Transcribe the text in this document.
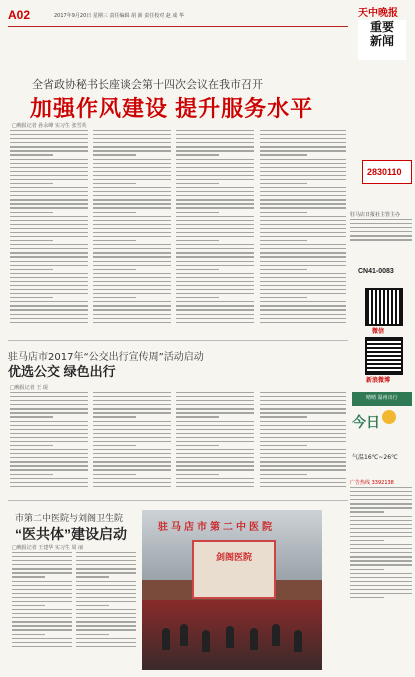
A02	2017年9月20日 星期三 责任编辑 胡 新 责任校对 赵 成 华	天中晚报
重要
新闻
全省政协秘书长座谈会第十四次会议在我市召开
加强作风建设 提升服务水平
□晚报记者 孙永峰 实习生 张雪英
驻马店市2017年“公交出行宣传周”活动启动
优选公交 绿色出行
□晚报记者 王 琨
市第二中医院与刘阁卫生院
“医共体”建设启动
□晚报记者 王建华 实习生 周 丽
驻马店市第二中医院
剑阁医院
2830110
驻马店日报社主管主办
CN41-0083
微信
新浪微博
晴晴 温州出行
今日
气温16℃~26℃
广告热线 3392138
